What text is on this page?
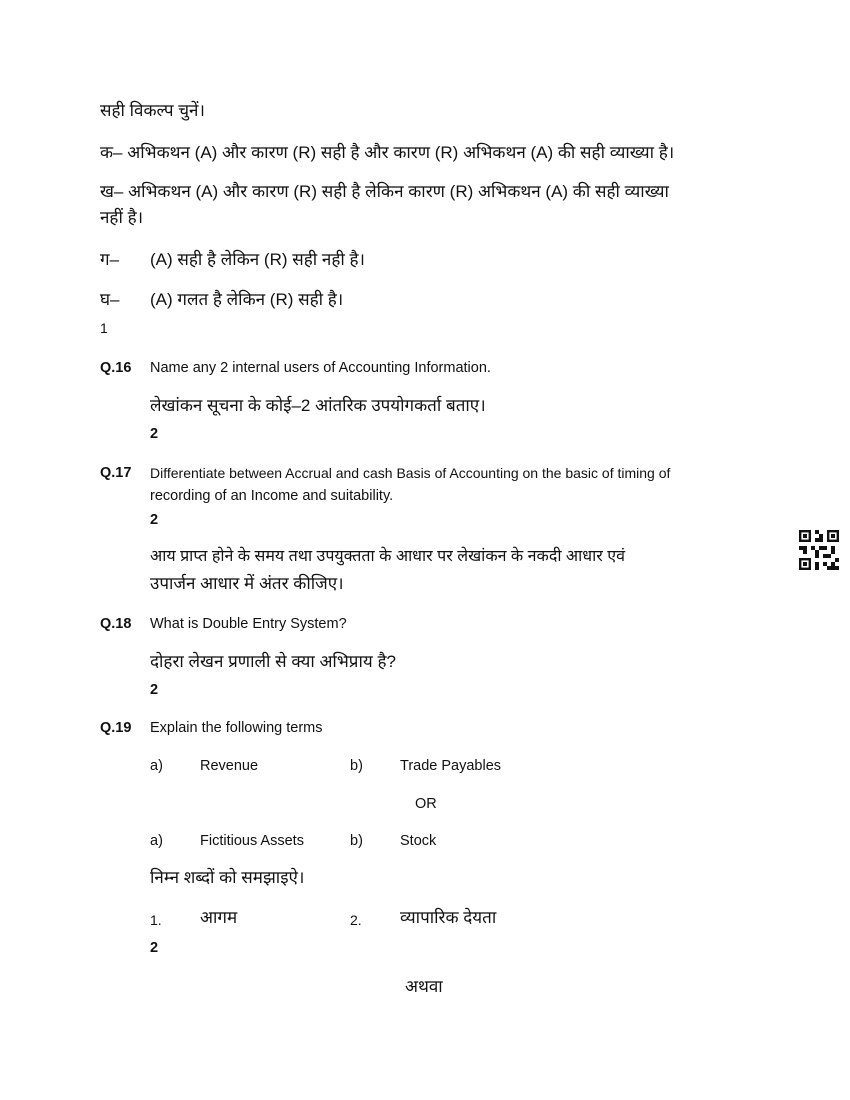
सही विकल्प चुनें।
क– अभिकथन (A) और कारण (R) सही है और कारण (R) अभिकथन (A) की सही व्याख्या है।
ख– अभिकथन (A) और कारण (R) सही है लेकिन कारण (R) अभिकथन (A) की सही व्याख्या
नहीं है।
ग– (A) सही है लेकिन (R) सही नही है।
घ– (A) गलत है लेकिन (R) सही है।
1
Q.16 Name any 2 internal users of Accounting Information.
लेखांकन सूचना के कोई–2 आंतरिक उपयोगकर्ता बताए।
2
Q.17 Differentiate between Accrual and cash Basis of Accounting on the basic of timing of
recording of an Income and suitability.
2
आय प्राप्त होने के समय तथा उपयुक्तता के आधार पर लेखांकन के नकदी आधार एवं
उपार्जन आधार में अंतर कीजिए।
Q.18 What is Double Entry System?
दोहरा लेखन प्रणाली से क्या अभिप्राय है?
2
Q.19 Explain the following terms
a)	Revenue	b)	Trade Payables
OR
a)	Fictitious Assets	b)	Stock
निम्न शब्दों को समझाइऐ।
1. आगम	2. व्यापारिक देयता
2
अथवा
